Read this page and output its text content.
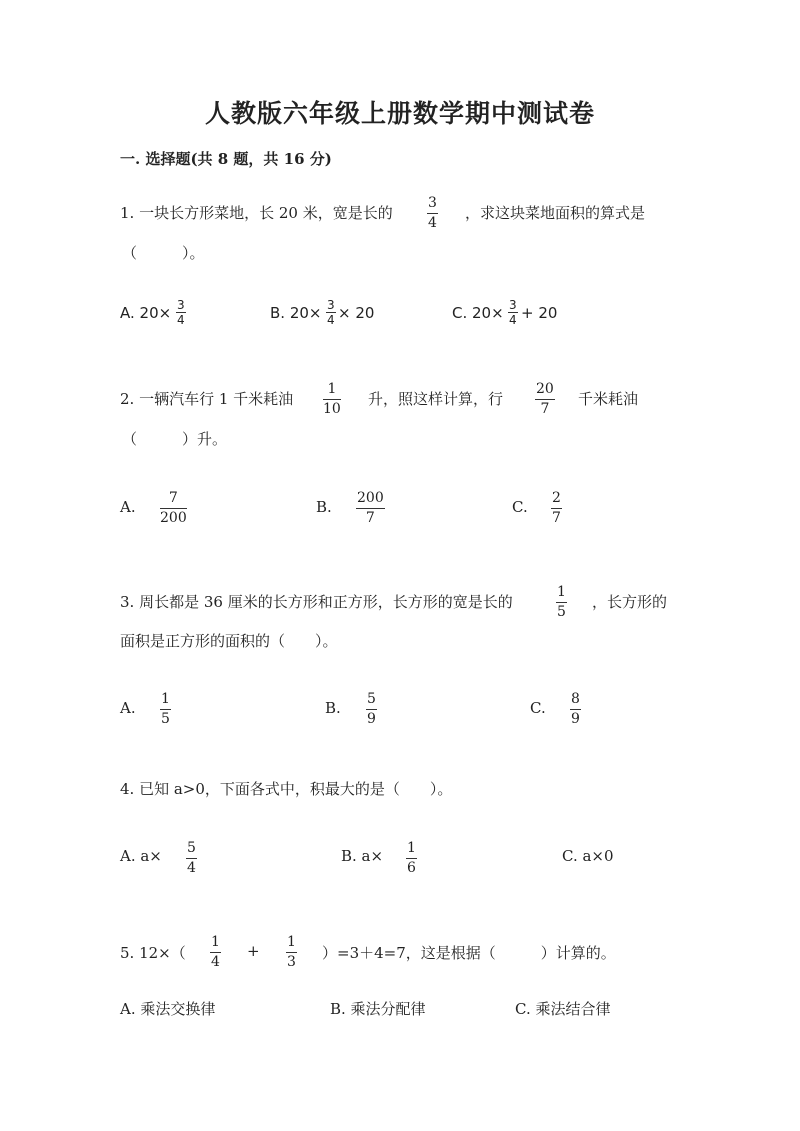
人教版六年级上册数学期中测试卷
一. 选择题(共 8 题，共 16 分)
1. 一块长方形菜地，长 20 米，宽是长的
3
4
，求这块菜地面积的算式是
（　　　）。
A. 20× 3
4	B. 20× 3
4 × 20	C. 20× 3
4 + 20
2. 一辆汽车行 1 千米耗油
1
10
升，照这样计算，行
20
7
千米耗油
（　　　）升。
A. 7
200
B. 200
7
C. 2
7
3. 周长都是 36 厘米的长方形和正方形，长方形的宽是长的
1
5
，长方形的
面积是正方形的面积的（　　）。
A. 1
5
B. 5
9
C. 8
9
4. 已知 a>0，下面各式中，积最大的是（　　）。
A. a× 5
4
B. a× 1
6
C. a×0
5. 12×（
1
4
+ 1
3 ）=3＋4=7，这是根据（　　　）计算的。
A. 乘法交换律	B. 乘法分配律	C. 乘法结合律
